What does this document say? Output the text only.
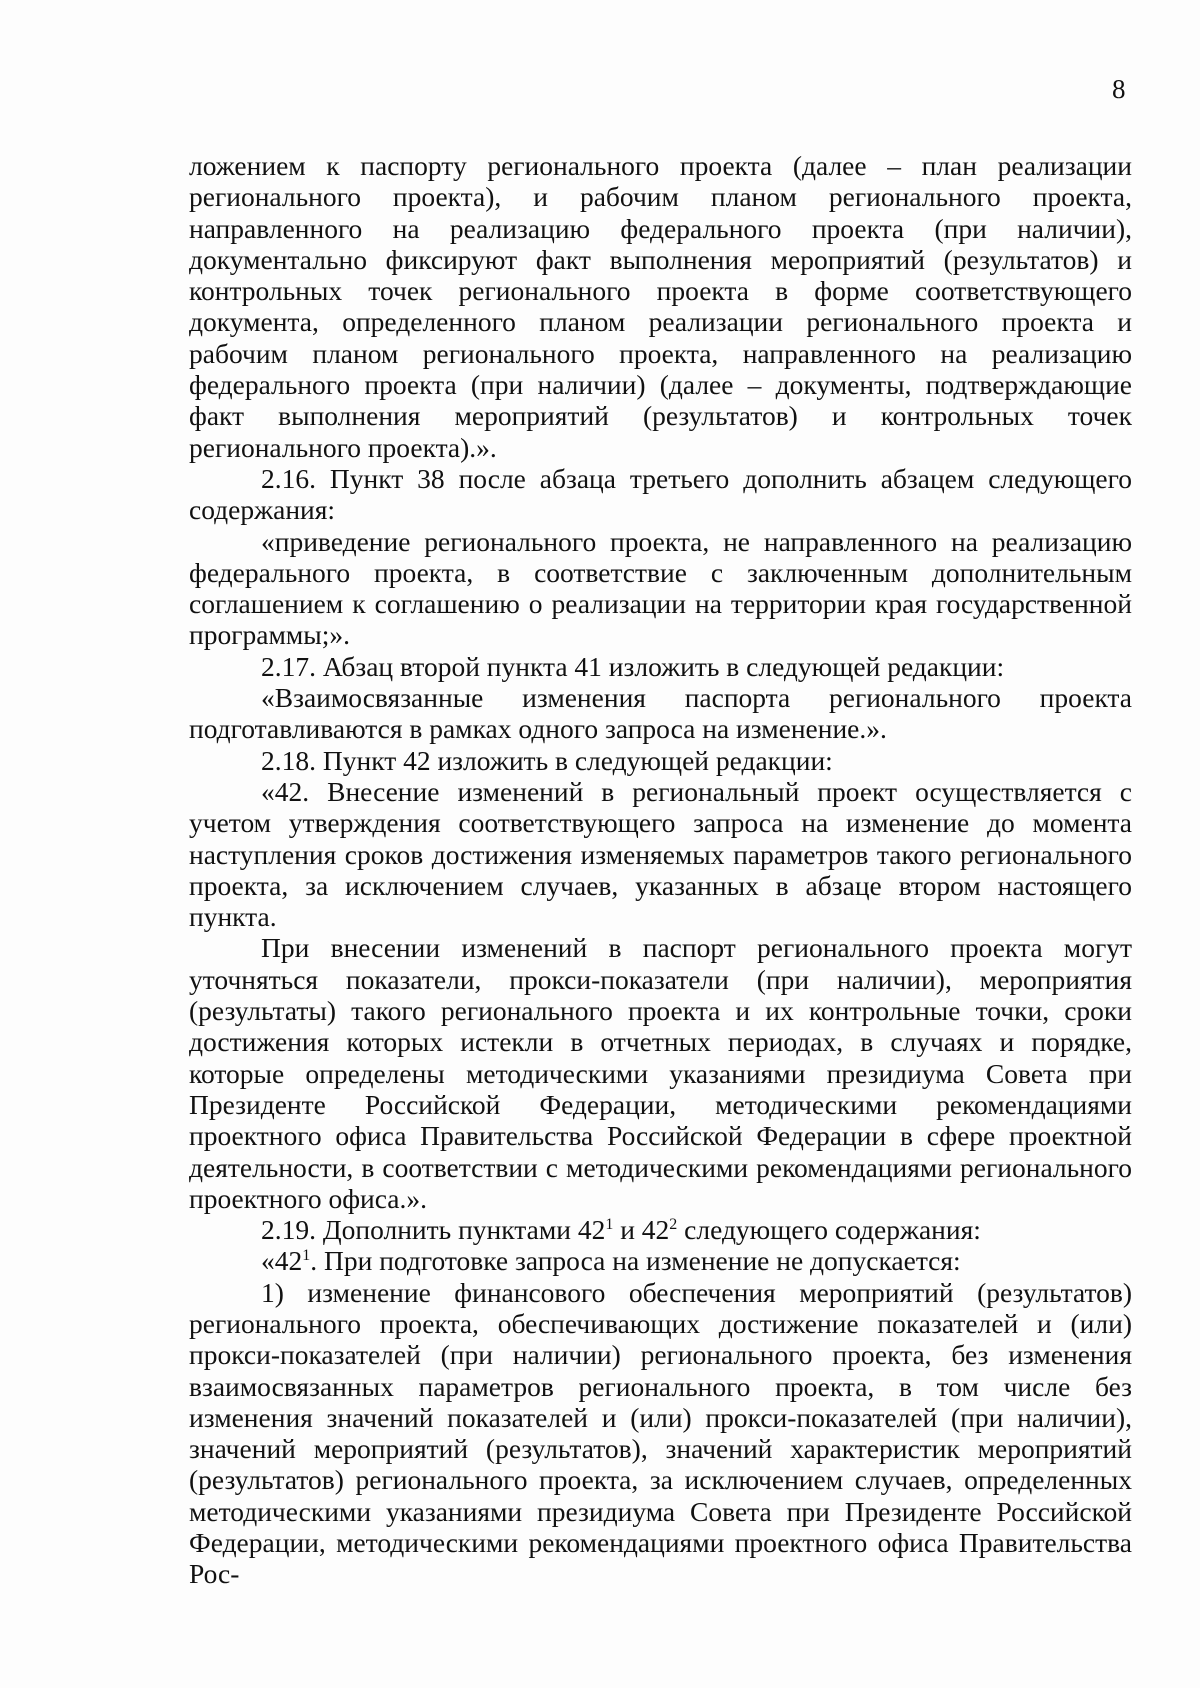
8

ложением к паспорту регионального проекта (далее – план реализации регионального проекта), и рабочим планом регионального проекта, направленного на реализацию федерального проекта (при наличии), документально фиксируют факт выполнения мероприятий (результатов) и контрольных точек регионального проекта в форме соответствующего документа, определенного планом реализации регионального проекта и рабочим планом регионального проекта, направленного на реализацию федерального проекта (при наличии) (далее – документы, подтверждающие факт выполнения мероприятий (результатов) и контрольных точек регионального проекта).».

2.16. Пункт 38 после абзаца третьего дополнить абзацем следующего содержания:

«приведение регионального проекта, не направленного на реализацию федерального проекта, в соответствие с заключенным дополнительным соглашением к соглашению о реализации на территории края государственной программы;».

2.17. Абзац второй пункта 41 изложить в следующей редакции:

«Взаимосвязанные изменения паспорта регионального проекта подготавливаются в рамках одного запроса на изменение.».

2.18. Пункт 42 изложить в следующей редакции:

«42. Внесение изменений в региональный проект осуществляется с учетом утверждения соответствующего запроса на изменение до момента наступления сроков достижения изменяемых параметров такого регионального проекта, за исключением случаев, указанных в абзаце втором настоящего пункта.

При внесении изменений в паспорт регионального проекта могут уточняться показатели, прокси-показатели (при наличии), мероприятия (результаты) такого регионального проекта и их контрольные точки, сроки достижения которых истекли в отчетных периодах, в случаях и порядке, которые определены методическими указаниями президиума Совета при Президенте Российской Федерации, методическими рекомендациями проектного офиса Правительства Российской Федерации в сфере проектной деятельности, в соответствии с методическими рекомендациями регионального проектного офиса.».

2.19. Дополнить пунктами $42^1$ и $42^2$ следующего содержания:

«$42^1$. При подготовке запроса на изменение не допускается:

1) изменение финансового обеспечения мероприятий (результатов) регионального проекта, обеспечивающих достижение показателей и (или) прокси-показателей (при наличии) регионального проекта, без изменения взаимосвязанных параметров регионального проекта, в том числе без изменения значений показателей и (или) прокси-показателей (при наличии), значений мероприятий (результатов), значений характеристик мероприятий (результатов) регионального проекта, за исключением случаев, определенных методическими указаниями президиума Совета при Президенте Российской Федерации, методическими рекомендациями проектного офиса Правительства Рос-
